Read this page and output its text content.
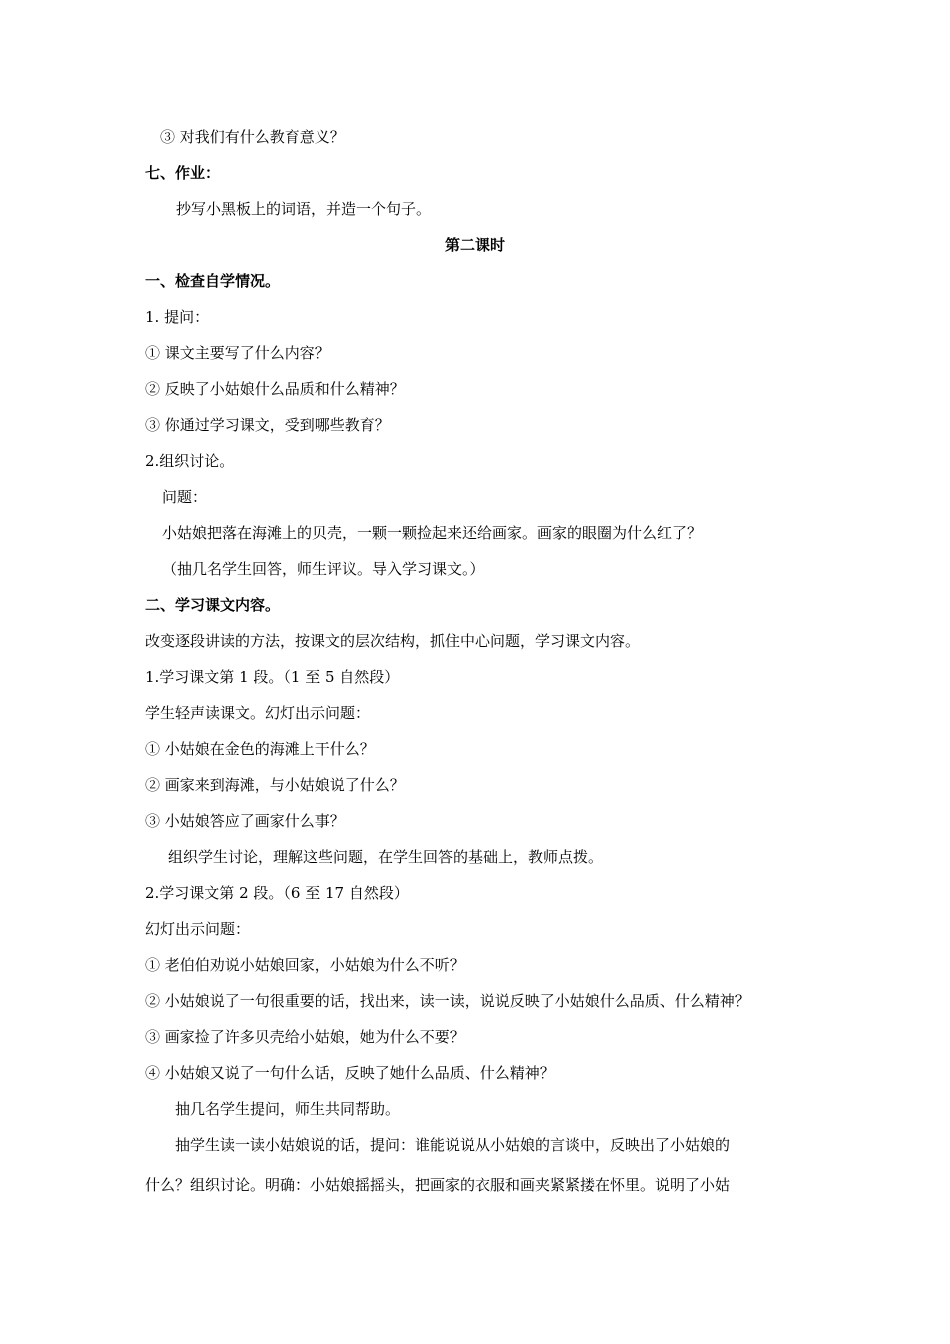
③ 对我们有什么教育意义？
七、作业：
抄写小黑板上的词语，并造一个句子。
第二课时
一、检查自学情况。
1. 提问：
① 课文主要写了什么内容？
② 反映了小姑娘什么品质和什么精神？
③ 你通过学习课文，受到哪些教育？
2.组织讨论。
问题：
小姑娘把落在海滩上的贝壳，一颗一颗捡起来还给画家。画家的眼圈为什么红了？
（抽几名学生回答，师生评议。导入学习课文。）
二、学习课文内容。
改变逐段讲读的方法，按课文的层次结构，抓住中心问题，学习课文内容。
1.学习课文第 1 段。（1 至 5 自然段）
学生轻声读课文。幻灯出示问题：
① 小姑娘在金色的海滩上干什么？
② 画家来到海滩，与小姑娘说了什么？
③ 小姑娘答应了画家什么事？
组织学生讨论，理解这些问题，在学生回答的基础上，教师点拨。
2.学习课文第 2 段。（6 至 17 自然段）
幻灯出示问题：
① 老伯伯劝说小姑娘回家，小姑娘为什么不听？
② 小姑娘说了一句很重要的话，找出来，读一读，说说反映了小姑娘什么品质、什么精神？
③ 画家捡了许多贝壳给小姑娘，她为什么不要？
④ 小姑娘又说了一句什么话，反映了她什么品质、什么精神？
抽几名学生提问，师生共同帮助。
抽学生读一读小姑娘说的话，提问：谁能说说从小姑娘的言谈中，反映出了小姑娘的
什么？组织讨论。明确：小姑娘摇摇头，把画家的衣服和画夹紧紧搂在怀里。说明了小姑
